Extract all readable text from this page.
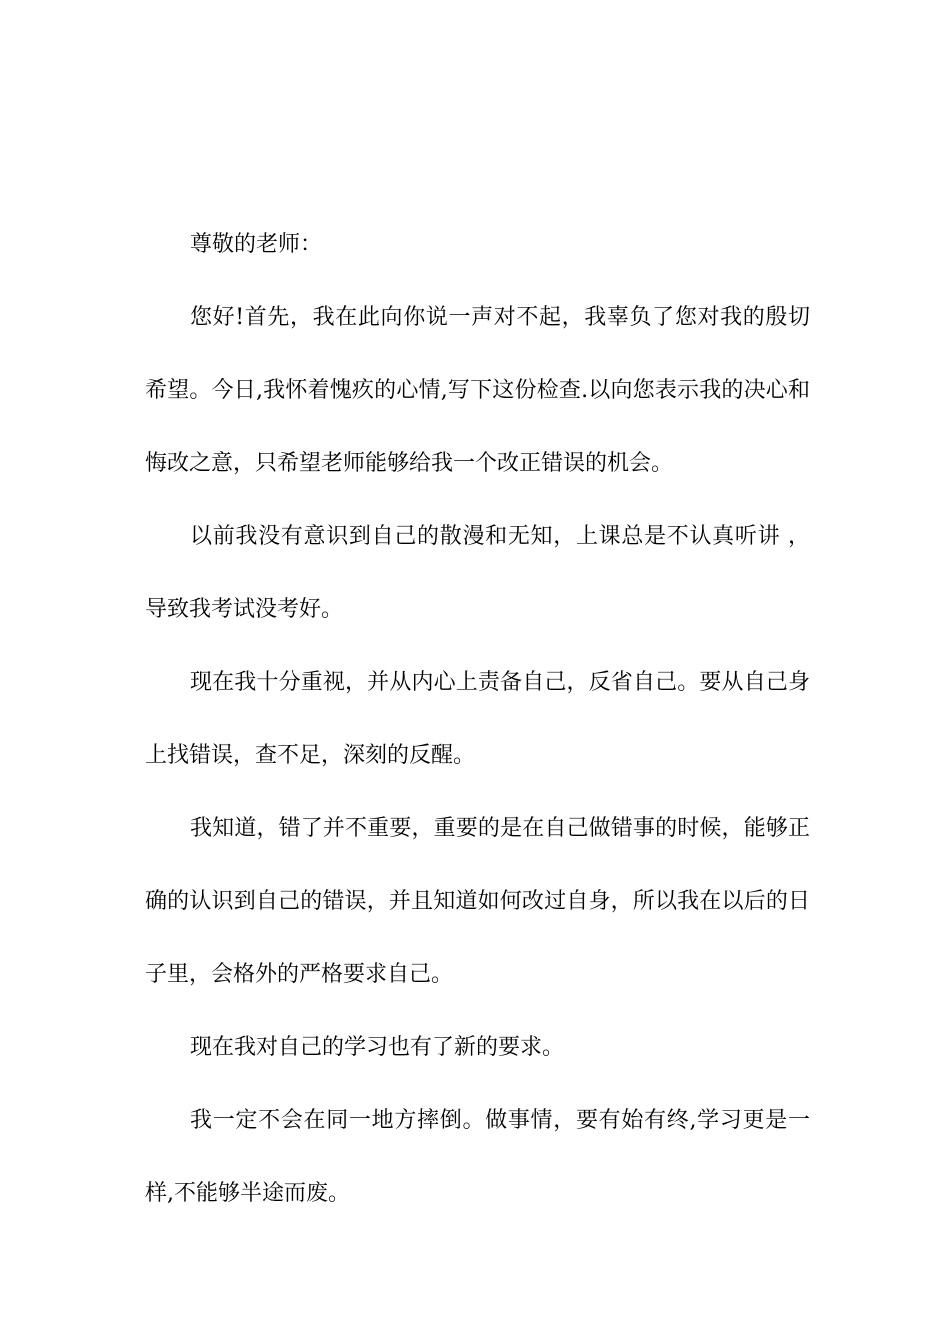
尊敬的老师：

您好!首先，我在此向你说一声对不起，我辜负了您对我的殷切希望。今日,我怀着愧疚的心情,写下这份检查.以向您表示我的决心和悔改之意，只希望老师能够给我一个改正错误的机会。

以前我没有意识到自己的散漫和无知，上课总是不认真听讲 ，导致我考试没考好。

现在我十分重视，并从内心上责备自己，反省自己。要从自己身上找错误，查不足，深刻的反醒。

我知道，错了并不重要，重要的是在自己做错事的时候，能够正确的认识到自己的错误，并且知道如何改过自身，所以我在以后的日子里，会格外的严格要求自己。

现在我对自己的学习也有了新的要求。

我一定不会在同一地方摔倒。做事情，要有始有终,学习更是一样,不能够半途而废。
